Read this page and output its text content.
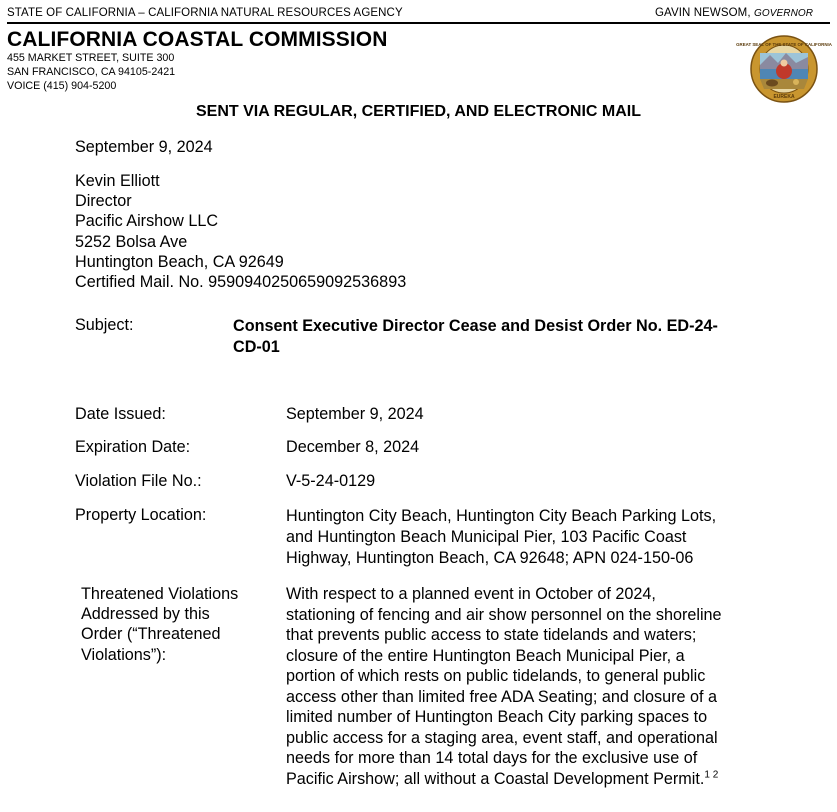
STATE OF CALIFORNIA – CALIFORNIA NATURAL RESOURCES AGENCY	GAVIN NEWSOM, GOVERNOR
CALIFORNIA COASTAL COMMISSION
455 MARKET STREET, SUITE 300
SAN FRANCISCO, CA 94105-2421
VOICE (415) 904-5200
GREAT SEAL OF THE STATE OF CALIFORNIA
EUREKA
SENT VIA REGULAR, CERTIFIED, AND ELECTRONIC MAIL
September 9, 2024
Kevin Elliott
Director
Pacific Airshow LLC
5252 Bolsa Ave
Huntington Beach, CA 92649
Certified Mail. No. 9590940250659092536893
Subject:	Consent Executive Director Cease and Desist Order No. ED-24-
CD-01
Date Issued:	September 9, 2024
Expiration Date:	December 8, 2024
Violation File No.:	V-5-24-0129
Property Location:	Huntington City Beach, Huntington City Beach Parking Lots,
and Huntington Beach Municipal Pier, 103 Pacific Coast
Highway, Huntington Beach, CA 92648; APN 024-150-06
Threatened Violations
Addressed by this
Order (“Threatened
Violations”):
With respect to a planned event in October of 2024,
stationing of fencing and air show personnel on the shoreline
that prevents public access to state tidelands and waters;
closure of the entire Huntington Beach Municipal Pier, a
portion of which rests on public tidelands, to general public
access other than limited free ADA Seating; and closure of a
limited number of Huntington Beach City parking spaces to
public access for a staging area, event staff, and operational
needs for more than 14 total days for the exclusive use of
Pacific Airshow; all without a Coastal Development Permit.$^{1 2}$
